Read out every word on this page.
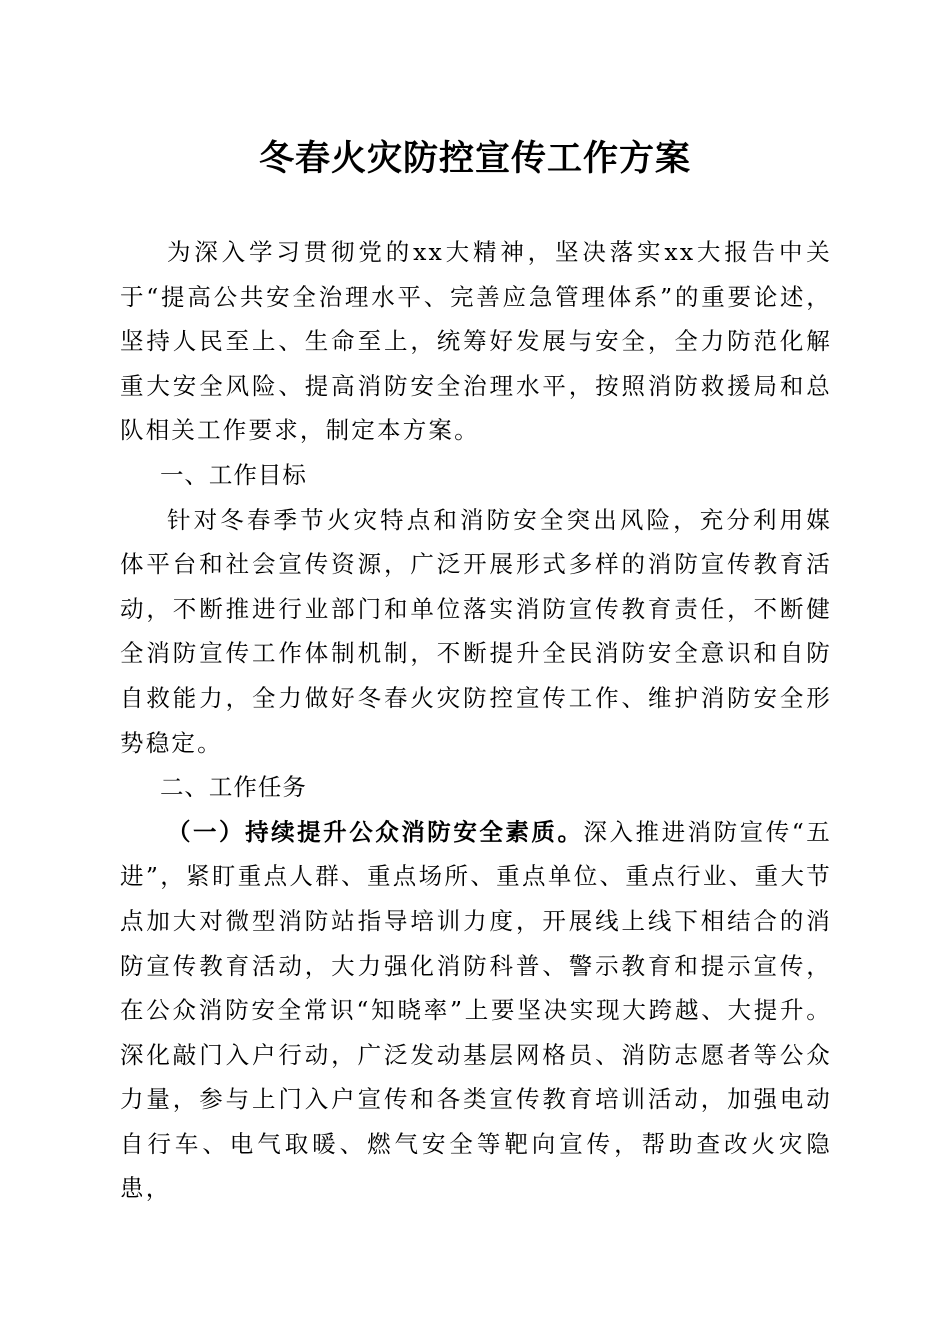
冬春火灾防控宣传工作方案

为深入学习贯彻党的xx大精神，坚决落实xx大报告中关于“提高公共安全治理水平、完善应急管理体系”的重要论述，坚持人民至上、生命至上，统筹好发展与安全，全力防范化解重大安全风险、提高消防安全治理水平，按照消防救援局和总队相关工作要求，制定本方案。

一、工作目标

针对冬春季节火灾特点和消防安全突出风险，充分利用媒体平台和社会宣传资源，广泛开展形式多样的消防宣传教育活动，不断推进行业部门和单位落实消防宣传教育责任，不断健全消防宣传工作体制机制，不断提升全民消防安全意识和自防自救能力，全力做好冬春火灾防控宣传工作、维护消防安全形势稳定。

二、工作任务

（一）持续提升公众消防安全素质。深入推进消防宣传“五进”，紧盯重点人群、重点场所、重点单位、重点行业、重大节点加大对微型消防站指导培训力度，开展线上线下相结合的消防宣传教育活动，大力强化消防科普、警示教育和提示宣传，在公众消防安全常识“知晓率”上要坚决实现大跨越、大提升。深化敲门入户行动，广泛发动基层网格员、消防志愿者等公众力量，参与上门入户宣传和各类宣传教育培训活动，加强电动自行车、电气取暖、燃气安全等靶向宣传，帮助查改火灾隐患，
